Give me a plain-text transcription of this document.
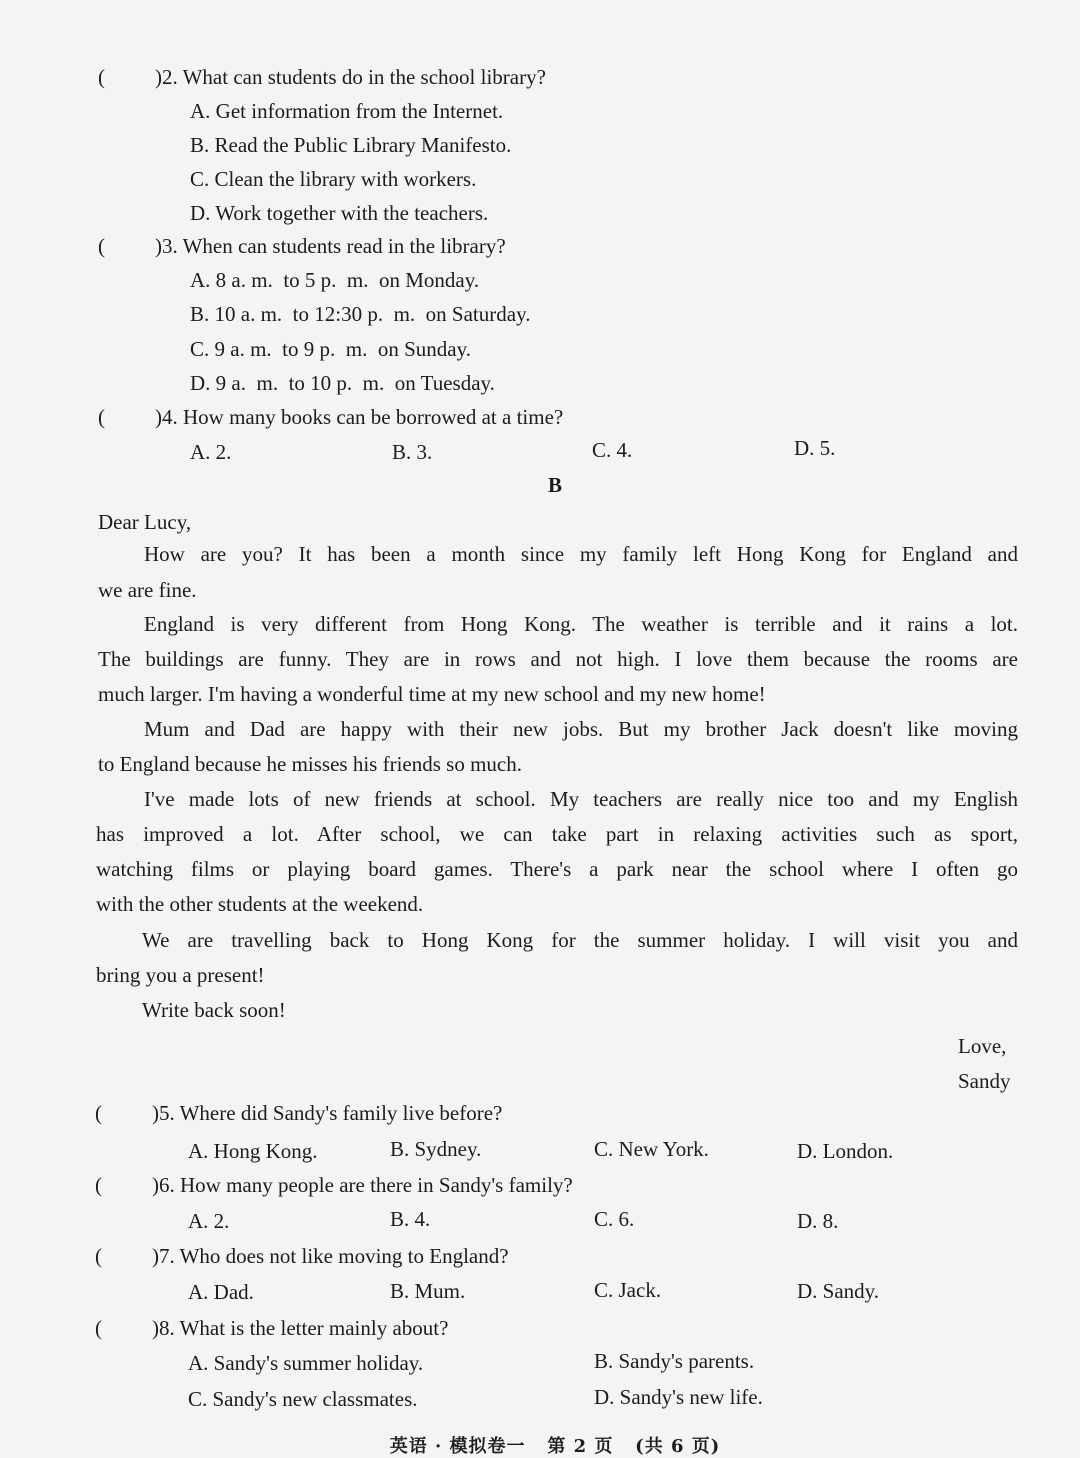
( )2. What can students do in the school library?
A. Get information from the Internet.
B. Read the Public Library Manifesto.
C. Clean the library with workers.
D. Work together with the teachers.
( )3. When can students read in the library?
A. 8 a. m.  to 5 p.  m.  on Monday.
B. 10 a. m.  to 12:30 p.  m.  on Saturday.
C. 9 a. m.  to 9 p.  m.  on Sunday.
D. 9 a.  m.  to 10 p.  m.  on Tuesday.
( )4. How many books can be borrowed at a time?
A. 2.	B. 3.	C. 4.	D. 5.
B
Dear Lucy,
How are you? It has been a month since my family left Hong Kong for England and
we are fine.
England is very different from Hong Kong. The weather is terrible and it rains a lot.
The buildings are funny. They are in rows and not high. I love them because the rooms are
much larger. I'm having a wonderful time at my new school and my new home!
Mum and Dad are happy with their new jobs. But my brother Jack doesn't like moving
to England because he misses his friends so much.
I've made lots of new friends at school. My teachers are really nice too and my English
has improved a lot. After school, we can take part in relaxing activities such as sport,
watching films or playing board games. There's a park near the school where I often go
with the other students at the weekend.
We are travelling back to Hong Kong for the summer holiday. I will visit you and
bring you a present!
Write back soon!
Love,
Sandy
( )5. Where did Sandy's family live before?
A. Hong Kong.	B. Sydney.	C. New York.	D. London.
( )6. How many people are there in Sandy's family?
A. 2.	B. 4.	C. 6.	D. 8.
( )7. Who does not like moving to England?
A. Dad.	B. Mum.	C. Jack.	D. Sandy.
( )8. What is the letter mainly about?
A. Sandy's summer holiday.	B. Sandy's parents.
C. Sandy's new classmates.	D. Sandy's new life.
英语 · 模拟卷一   第 2 页   (共 6 页)
